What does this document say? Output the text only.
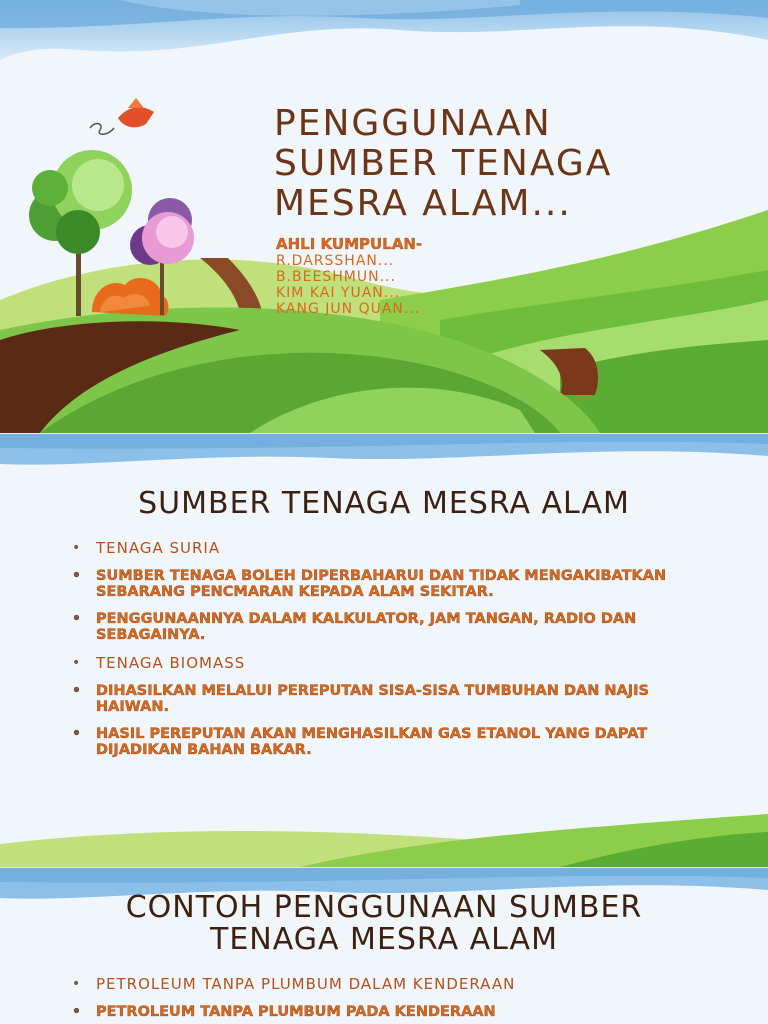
PENGGUNAAN
SUMBER TENAGA
MESRA ALAM...
AHLI KUMPULAN-
R.DARSSHAN...
B.BEESHMUN...
KIM KAI YUAN...
KANG JUN QUAN...
SUMBER TENAGA MESRA ALAM
• TENAGA SURIA
• SUMBER TENAGA BOLEH DIPERBAHARUI DAN TIDAK MENGAKIBATKAN SEBARANG PENCMARAN KEPADA ALAM SEKITAR.
• PENGGUNAANNYA DALAM KALKULATOR, JAM TANGAN, RADIO DAN SEBAGAINYA.
• TENAGA BIOMASS
• DIHASILKAN MELALUI PEREPUTAN SISA-SISA TUMBUHAN DAN NAJIS HAIWAN.
• HASIL PEREPUTAN AKAN MENGHASILKAN GAS ETANOL YANG DAPAT DIJADIKAN BAHAN BAKAR.
CONTOH PENGGUNAAN SUMBER
TENAGA MESRA ALAM
• PETROLEUM TANPA PLUMBUM DALAM KENDERAAN
• PETROLEUM TANPA PLUMBUM PADA KENDERAAN
